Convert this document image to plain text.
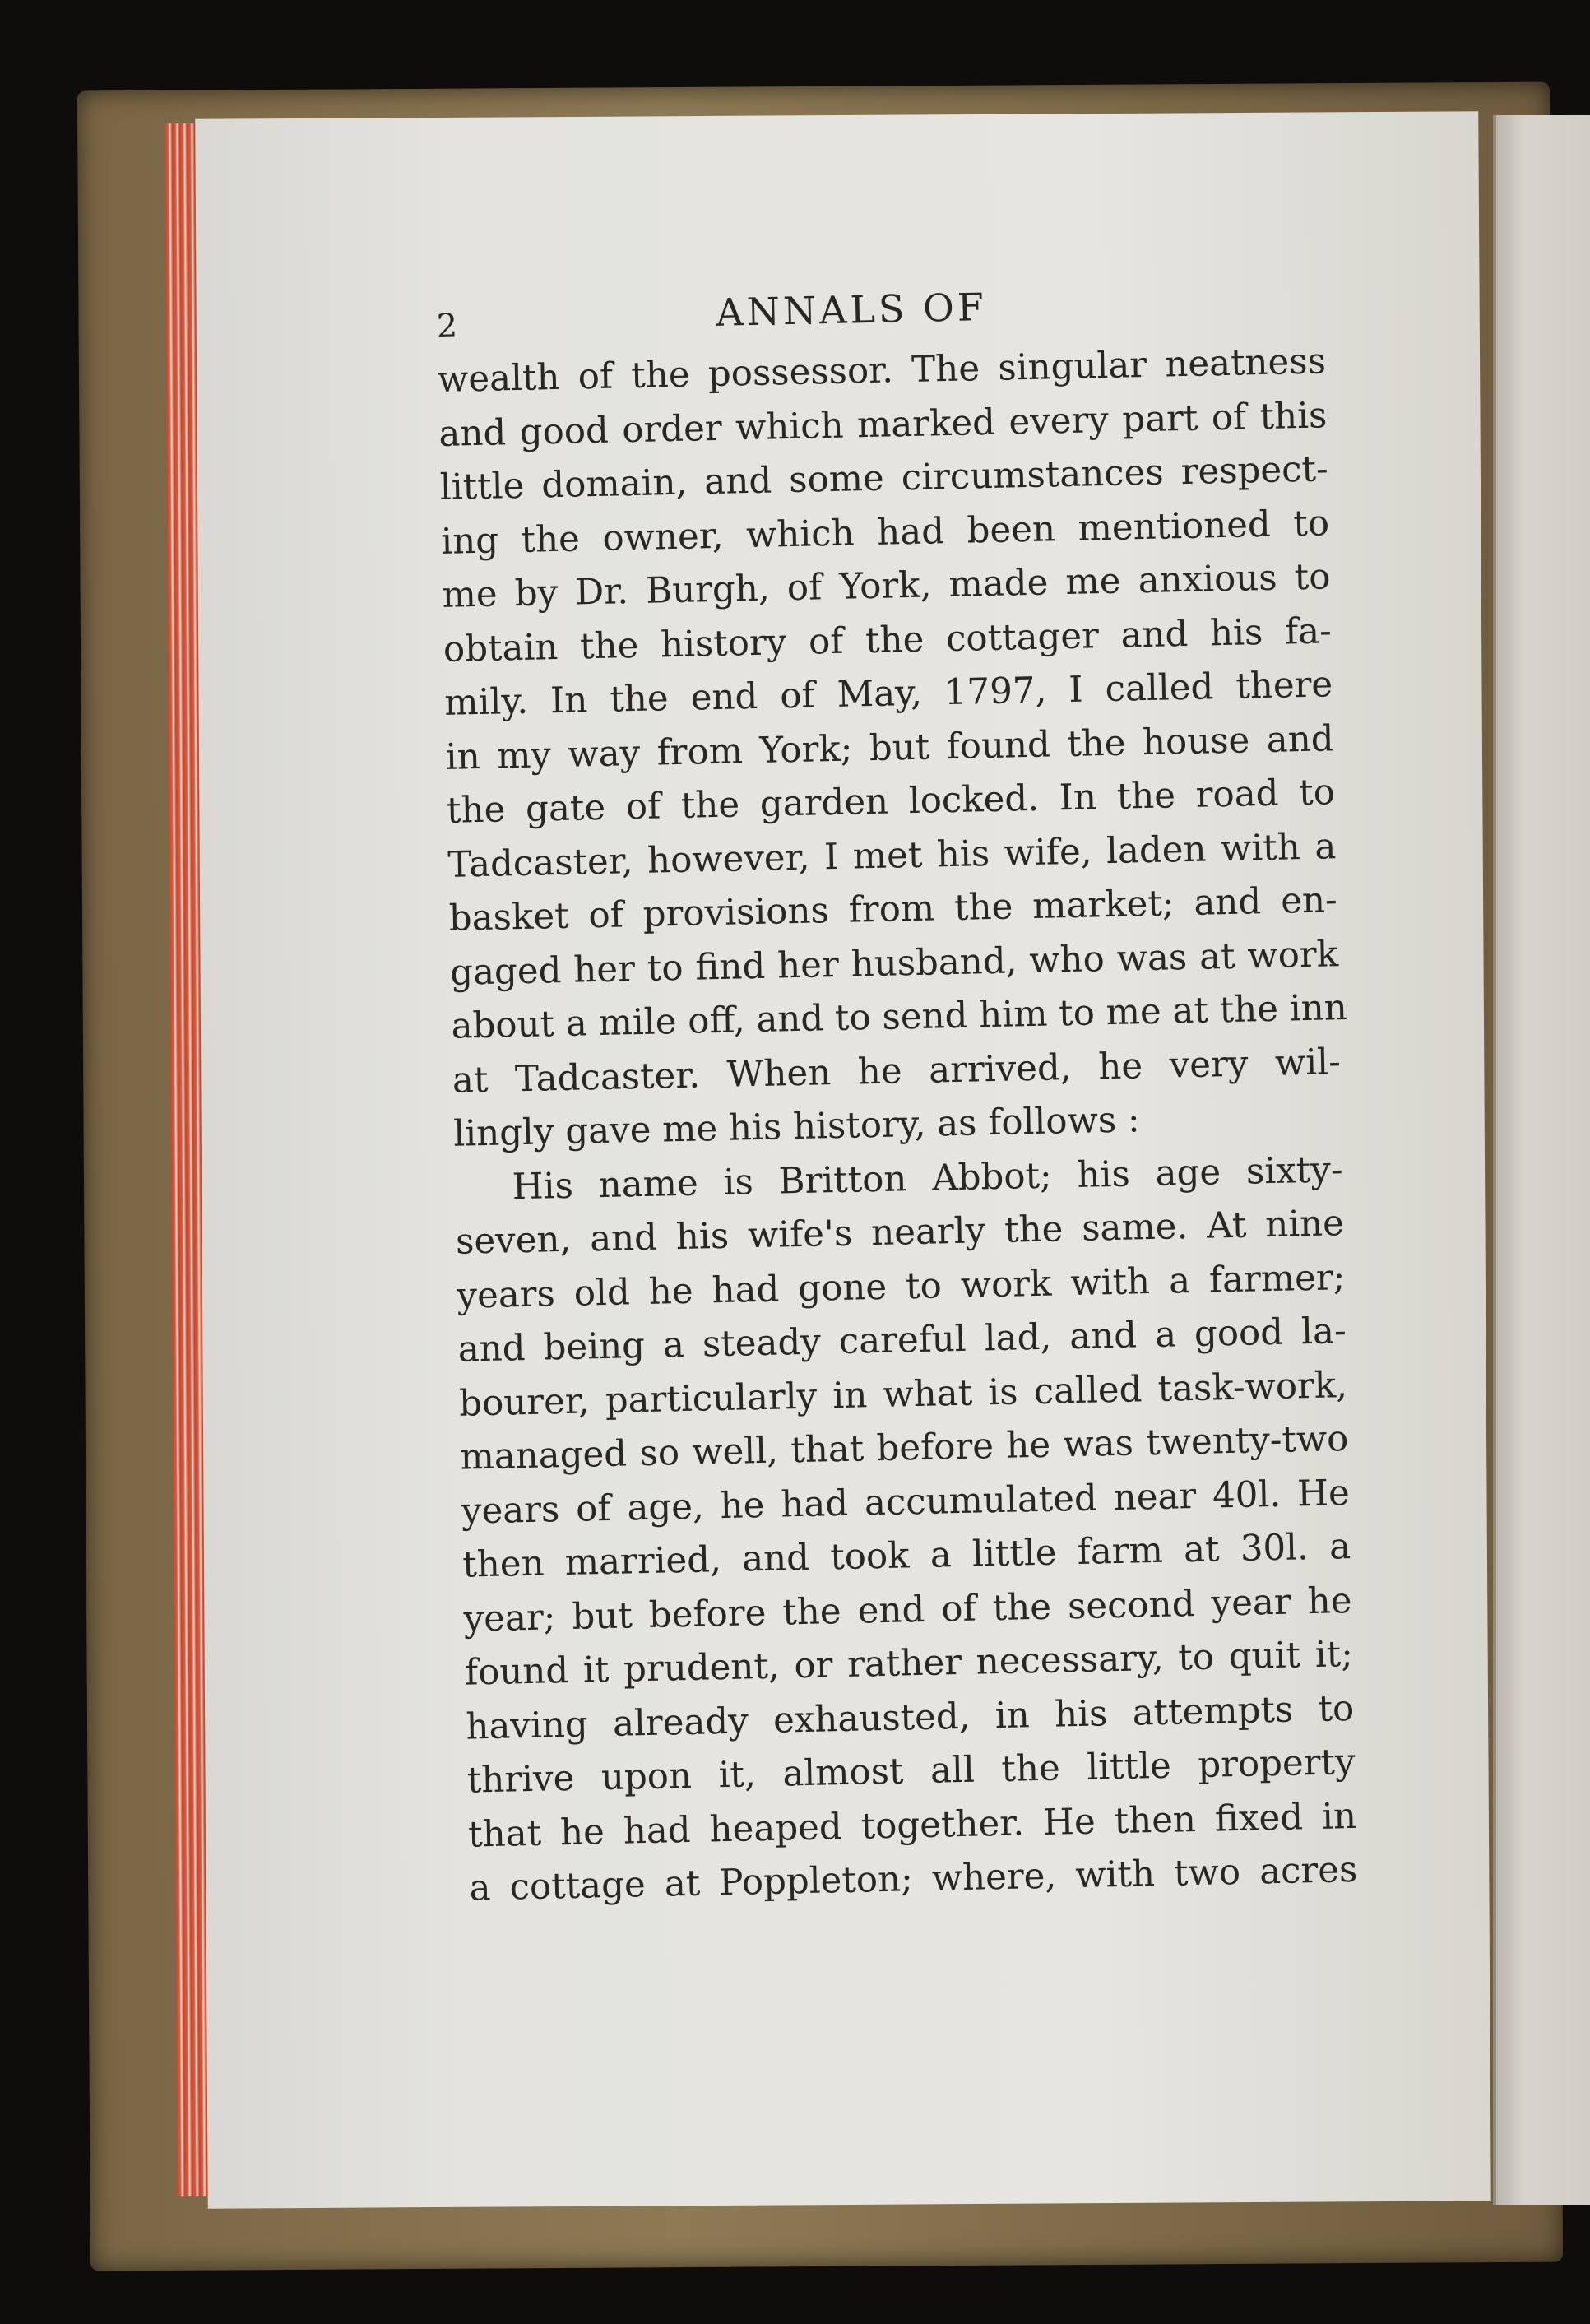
2	ANNALS OF
wealth of the possessor. The singular neatness
and good order which marked every part of this
little domain, and some circumstances respect-
ing the owner, which had been mentioned to
me by Dr. Burgh, of York, made me anxious to
obtain the history of the cottager and his fa-
mily. In the end of May, 1797, I called there
in my way from York; but found the house and
the gate of the garden locked. In the road to
Tadcaster, however, I met his wife, laden with a
basket of provisions from the market; and en-
gaged her to find her husband, who was at work
about a mile off, and to send him to me at the inn
at Tadcaster. When he arrived, he very wil-
lingly gave me his history, as follows :
His name is Britton Abbot; his age sixty-
seven, and his wife's nearly the same. At nine
years old he had gone to work with a farmer;
and being a steady careful lad, and a good la-
bourer, particularly in what is called task-work,
managed so well, that before he was twenty-two
years of age, he had accumulated near 40l. He
then married, and took a little farm at 30l. a
year; but before the end of the second year he
found it prudent, or rather necessary, to quit it;
having already exhausted, in his attempts to
thrive upon it, almost all the little property
that he had heaped together. He then fixed in
a cottage at Poppleton; where, with two acres
